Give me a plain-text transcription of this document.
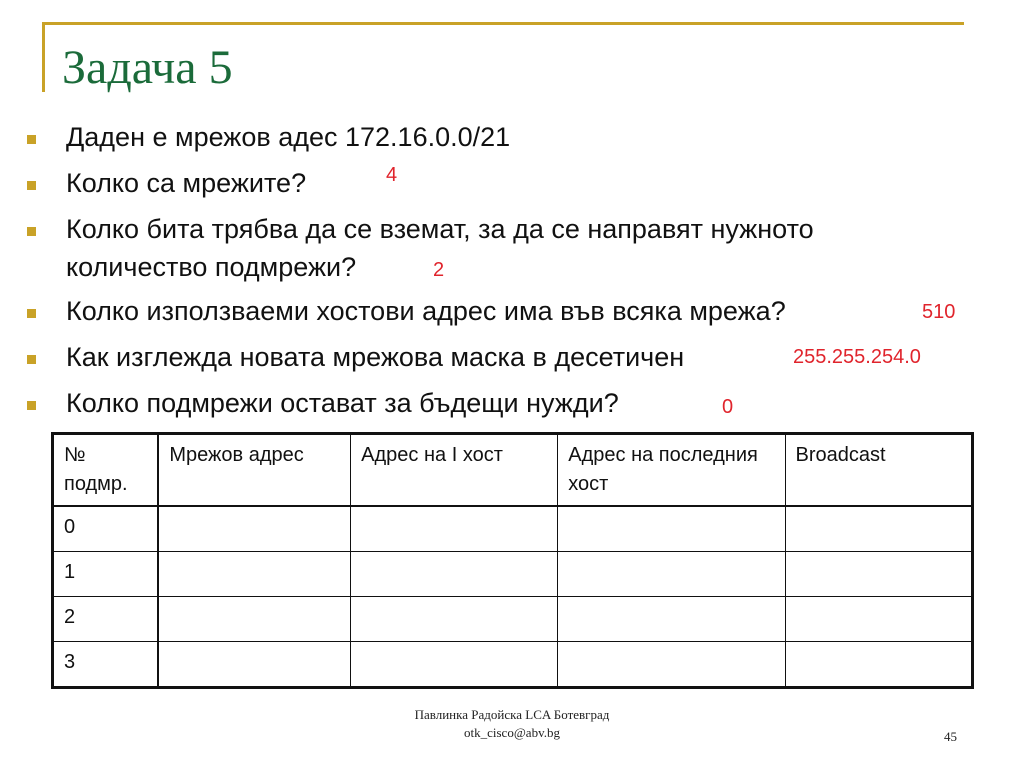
Задача 5
Даден е мрежов адес 172.16.0.0/21
Колко са мрежите?	4
Колко бита трябва да се вземат, за да се направят нужното
количество подмрежи?	2
Колко използваеми хостови адрес има във всяка мрежа?	510
Как изглежда новата мрежова маска в десетичен	255.255.254.0
Колко подмрежи остават за бъдещи нужди?	0
№ подмр.	Мрежов адрес	Адрес на I хост	Адрес на последния хост	Broadcast
0				
1				
2				
3				
Павлинка Радойска LCA Ботевград
otk_cisco@abv.bg	45
